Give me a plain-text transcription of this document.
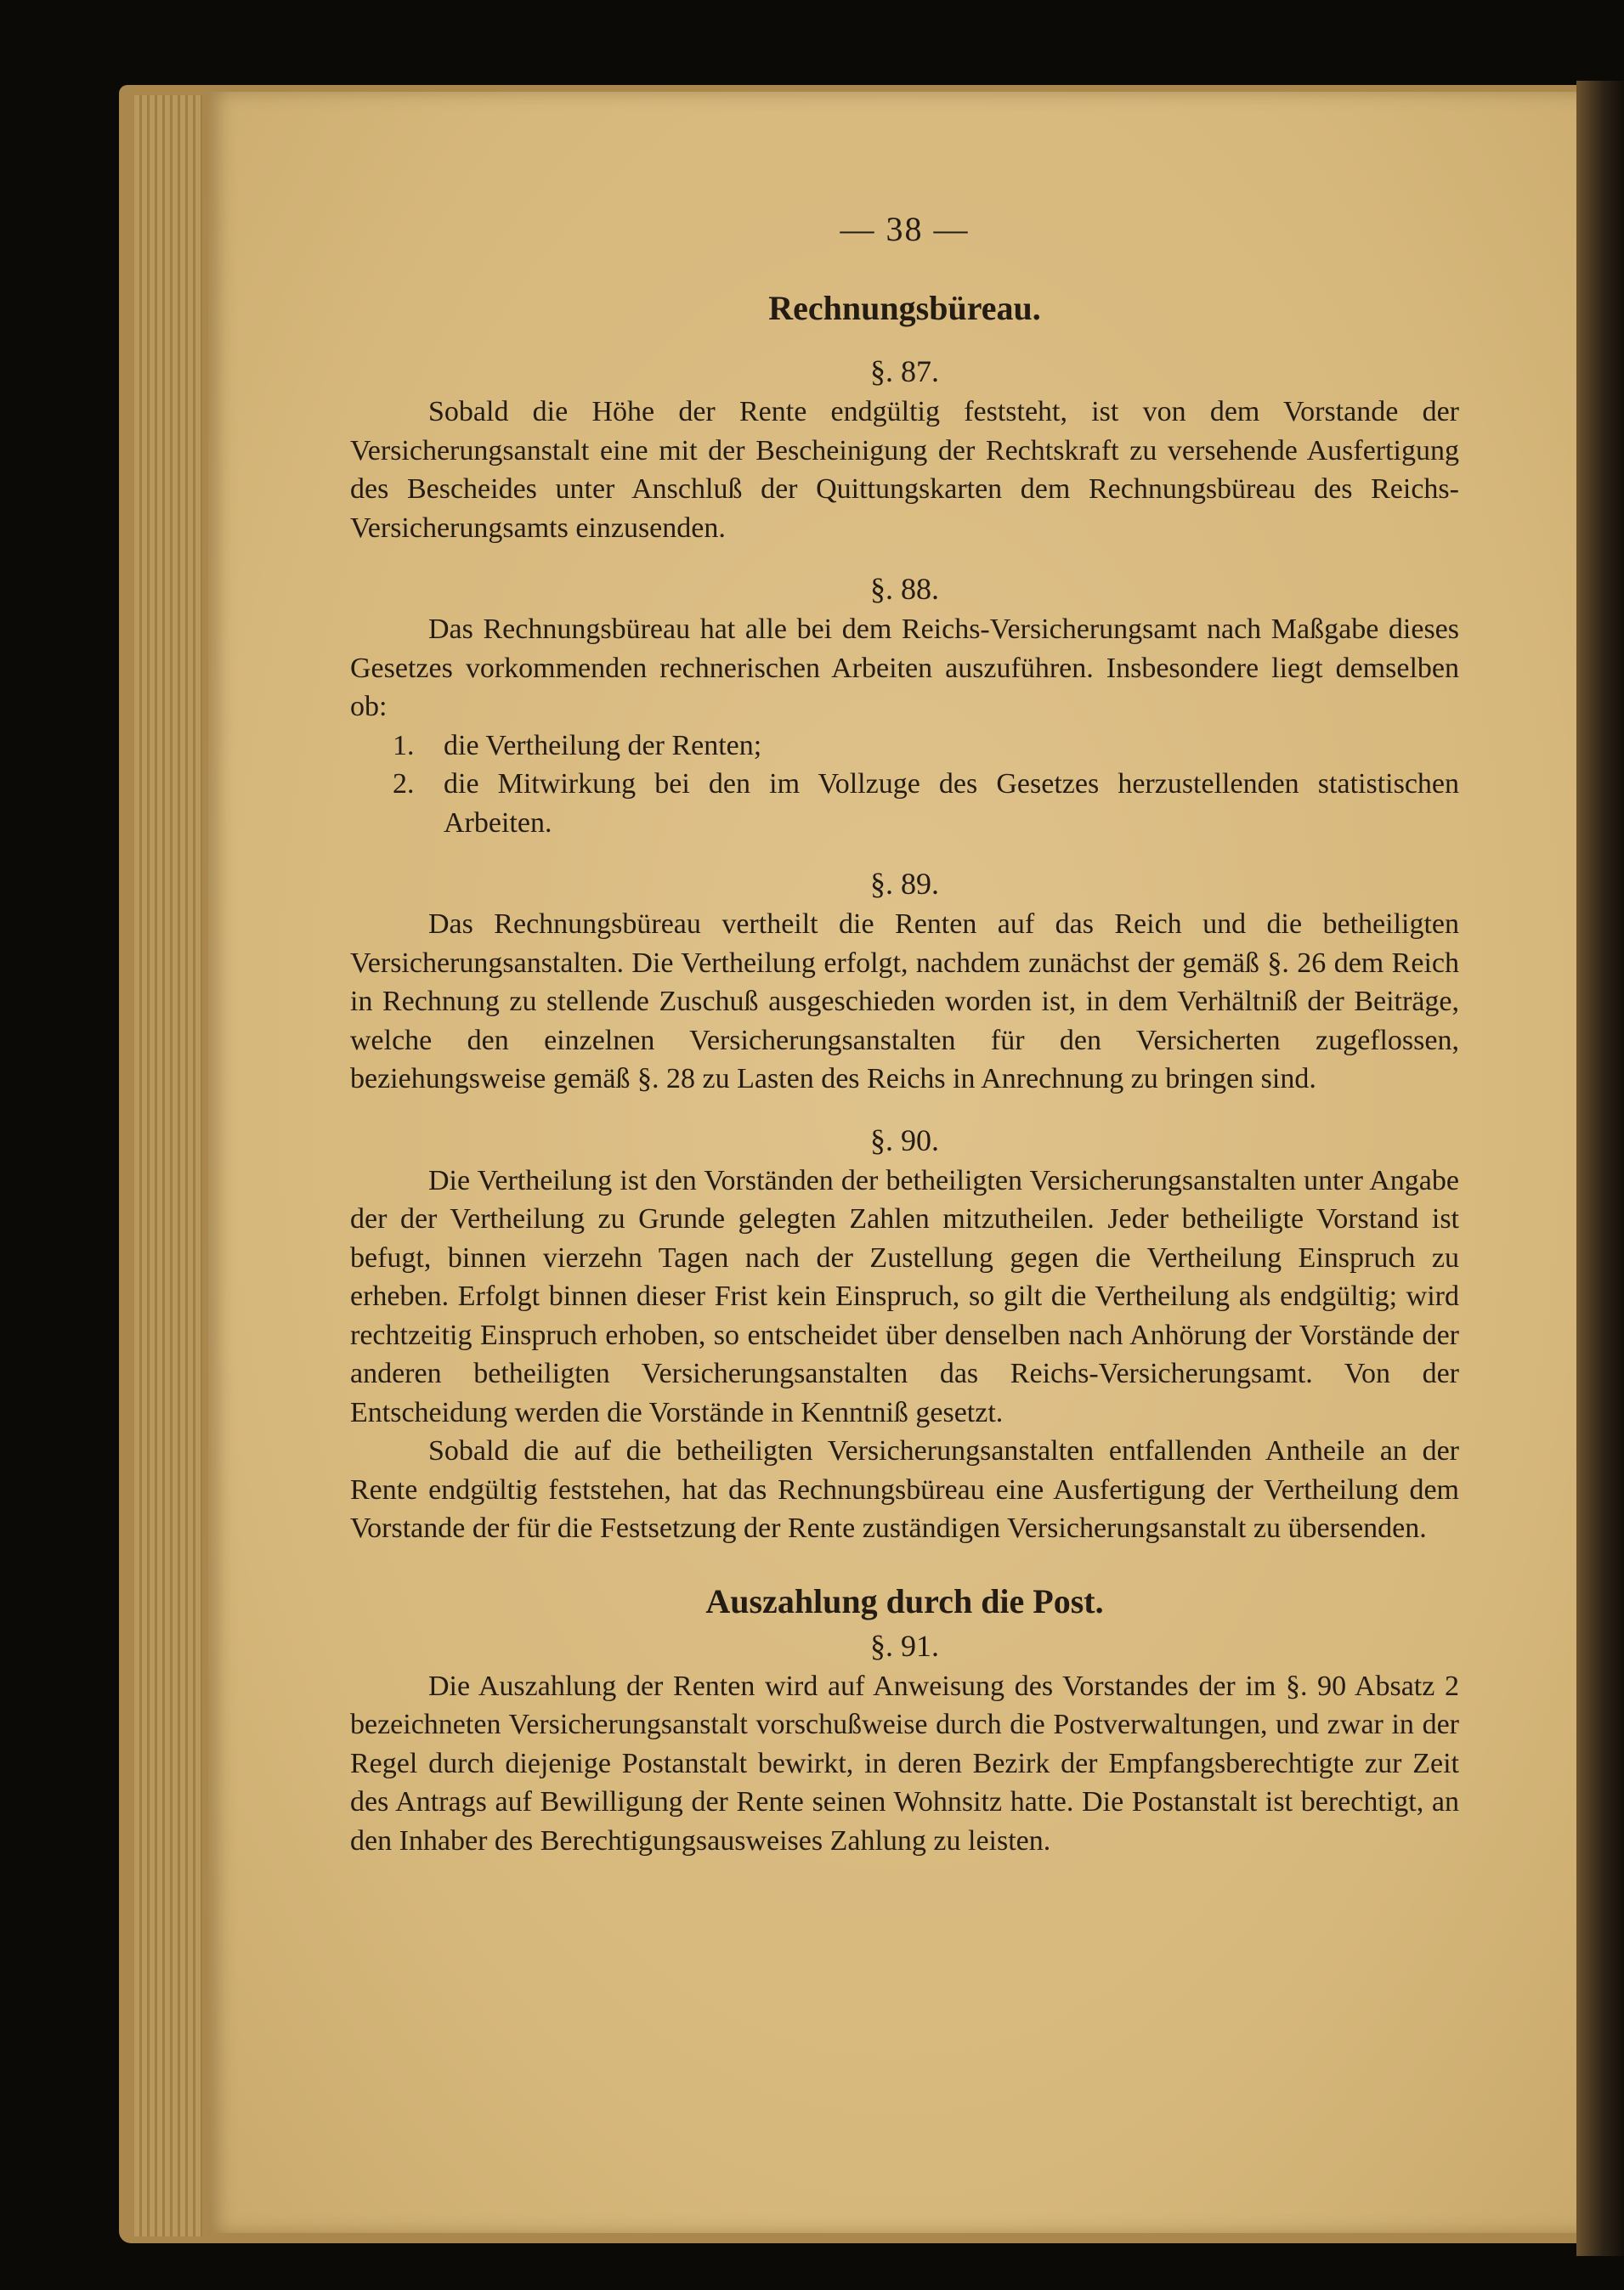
— 38 —
Rechnungsbüreau.
§. 87.

Sobald die Höhe der Rente endgültig feststeht, ist von dem Vorstande der Versicherungsanstalt eine mit der Bescheinigung der Rechtskraft zu versehende Ausfertigung des Bescheides unter Anschluß der Quittungskarten dem Rechnungsbüreau des Reichs-Versicherungsamts einzusenden.

§. 88.

Das Rechnungsbüreau hat alle bei dem Reichs-Versicherungsamt nach Maßgabe dieses Gesetzes vorkommenden rechnerischen Arbeiten auszuführen. Insbesondere liegt demselben ob:

1. die Vertheilung der Renten;
2. die Mitwirkung bei den im Vollzuge des Gesetzes herzustellenden statistischen Arbeiten.
§. 89.

Das Rechnungsbüreau vertheilt die Renten auf das Reich und die betheiligten Versicherungsanstalten. Die Vertheilung erfolgt, nachdem zunächst der gemäß §. 26 dem Reich in Rechnung zu stellende Zuschuß ausgeschieden worden ist, in dem Verhältniß der Beiträge, welche den einzelnen Versicherungsanstalten für den Versicherten zugeflossen, beziehungsweise gemäß §. 28 zu Lasten des Reichs in Anrechnung zu bringen sind.

§. 90.

Die Vertheilung ist den Vorständen der betheiligten Versicherungsanstalten unter Angabe der der Vertheilung zu Grunde gelegten Zahlen mitzutheilen. Jeder betheiligte Vorstand ist befugt, binnen vierzehn Tagen nach der Zustellung gegen die Vertheilung Einspruch zu erheben. Erfolgt binnen dieser Frist kein Einspruch, so gilt die Vertheilung als endgültig; wird rechtzeitig Einspruch erhoben, so entscheidet über denselben nach Anhörung der Vorstände der anderen betheiligten Versicherungsanstalten das Reichs-Versicherungsamt. Von der Entscheidung werden die Vorstände in Kenntniß gesetzt.

Sobald die auf die betheiligten Versicherungsanstalten entfallenden Antheile an der Rente endgültig feststehen, hat das Rechnungsbüreau eine Ausfertigung der Vertheilung dem Vorstande der für die Festsetzung der Rente zuständigen Versicherungsanstalt zu übersenden.

Auszahlung durch die Post.
§. 91.

Die Auszahlung der Renten wird auf Anweisung des Vorstandes der im §. 90 Absatz 2 bezeichneten Versicherungsanstalt vorschußweise durch die Postverwaltungen, und zwar in der Regel durch diejenige Postanstalt bewirkt, in deren Bezirk der Empfangsberechtigte zur Zeit des Antrags auf Bewilligung der Rente seinen Wohnsitz hatte. Die Postanstalt ist berechtigt, an den Inhaber des Berechtigungsausweises Zahlung zu leisten.
